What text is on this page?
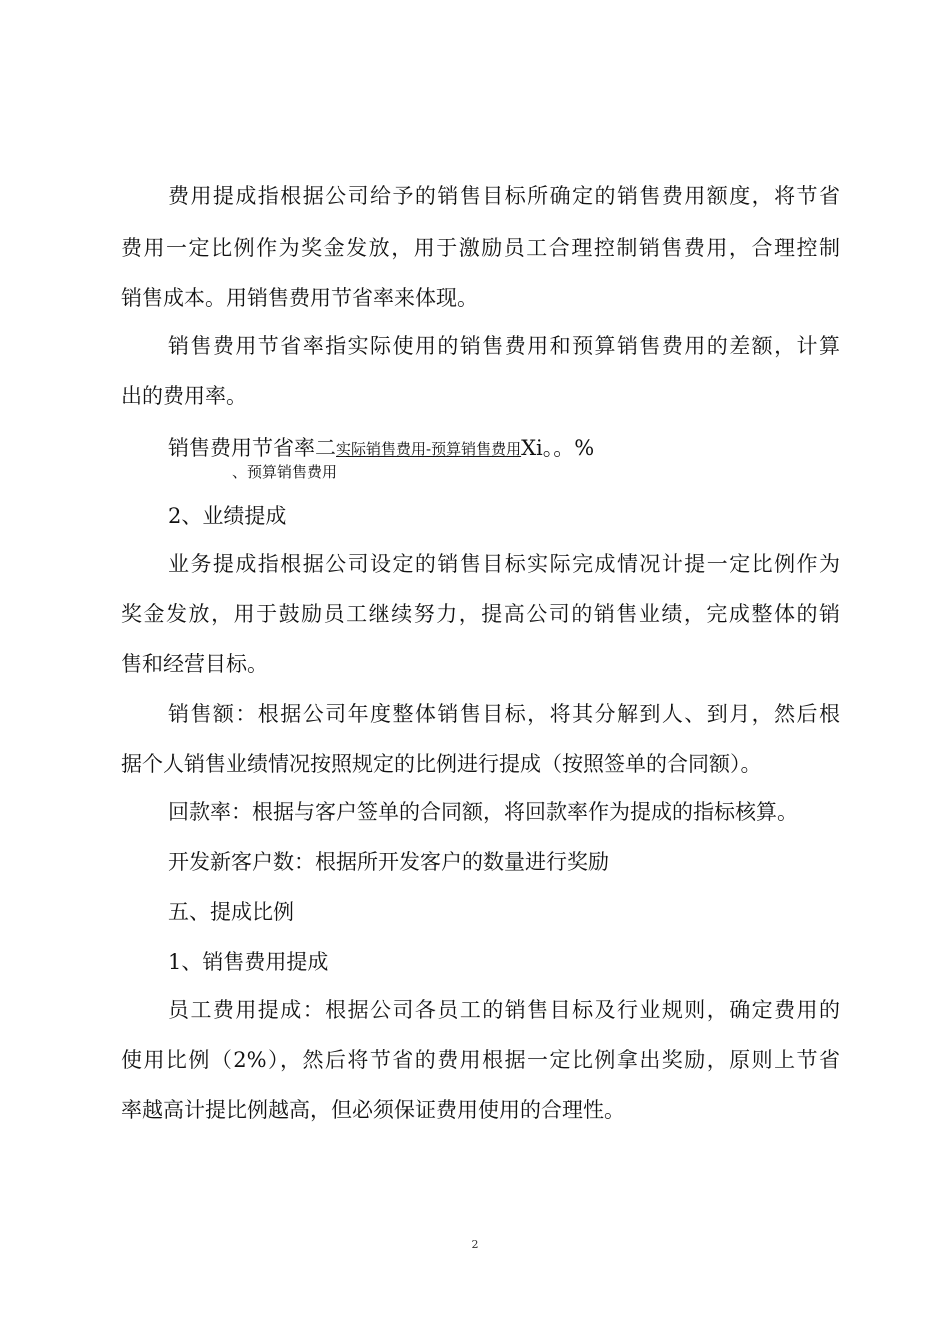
费用提成指根据公司给予的销售目标所确定的销售费用额度，将节省
费用一定比例作为奖金发放，用于激励员工合理控制销售费用，合理控制
销售成本。用销售费用节省率来体现。
销售费用节省率指实际使用的销售费用和预算销售费用的差额，计算
出的费用率。
销售费用节省率二实际销售费用-预算销售费用Xi。。%
、预算销售费用
2、业绩提成
业务提成指根据公司设定的销售目标实际完成情况计提一定比例作为
奖金发放，用于鼓励员工继续努力，提高公司的销售业绩，完成整体的销
售和经营目标。
销售额：根据公司年度整体销售目标，将其分解到人、到月，然后根
据个人销售业绩情况按照规定的比例进行提成（按照签单的合同额）。
回款率：根据与客户签单的合同额，将回款率作为提成的指标核算。
开发新客户数：根据所开发客户的数量进行奖励
五、提成比例
1、销售费用提成
员工费用提成：根据公司各员工的销售目标及行业规则，确定费用的
使用比例（2%），然后将节省的费用根据一定比例拿出奖励，原则上节省
率越高计提比例越高，但必须保证费用使用的合理性。
2
